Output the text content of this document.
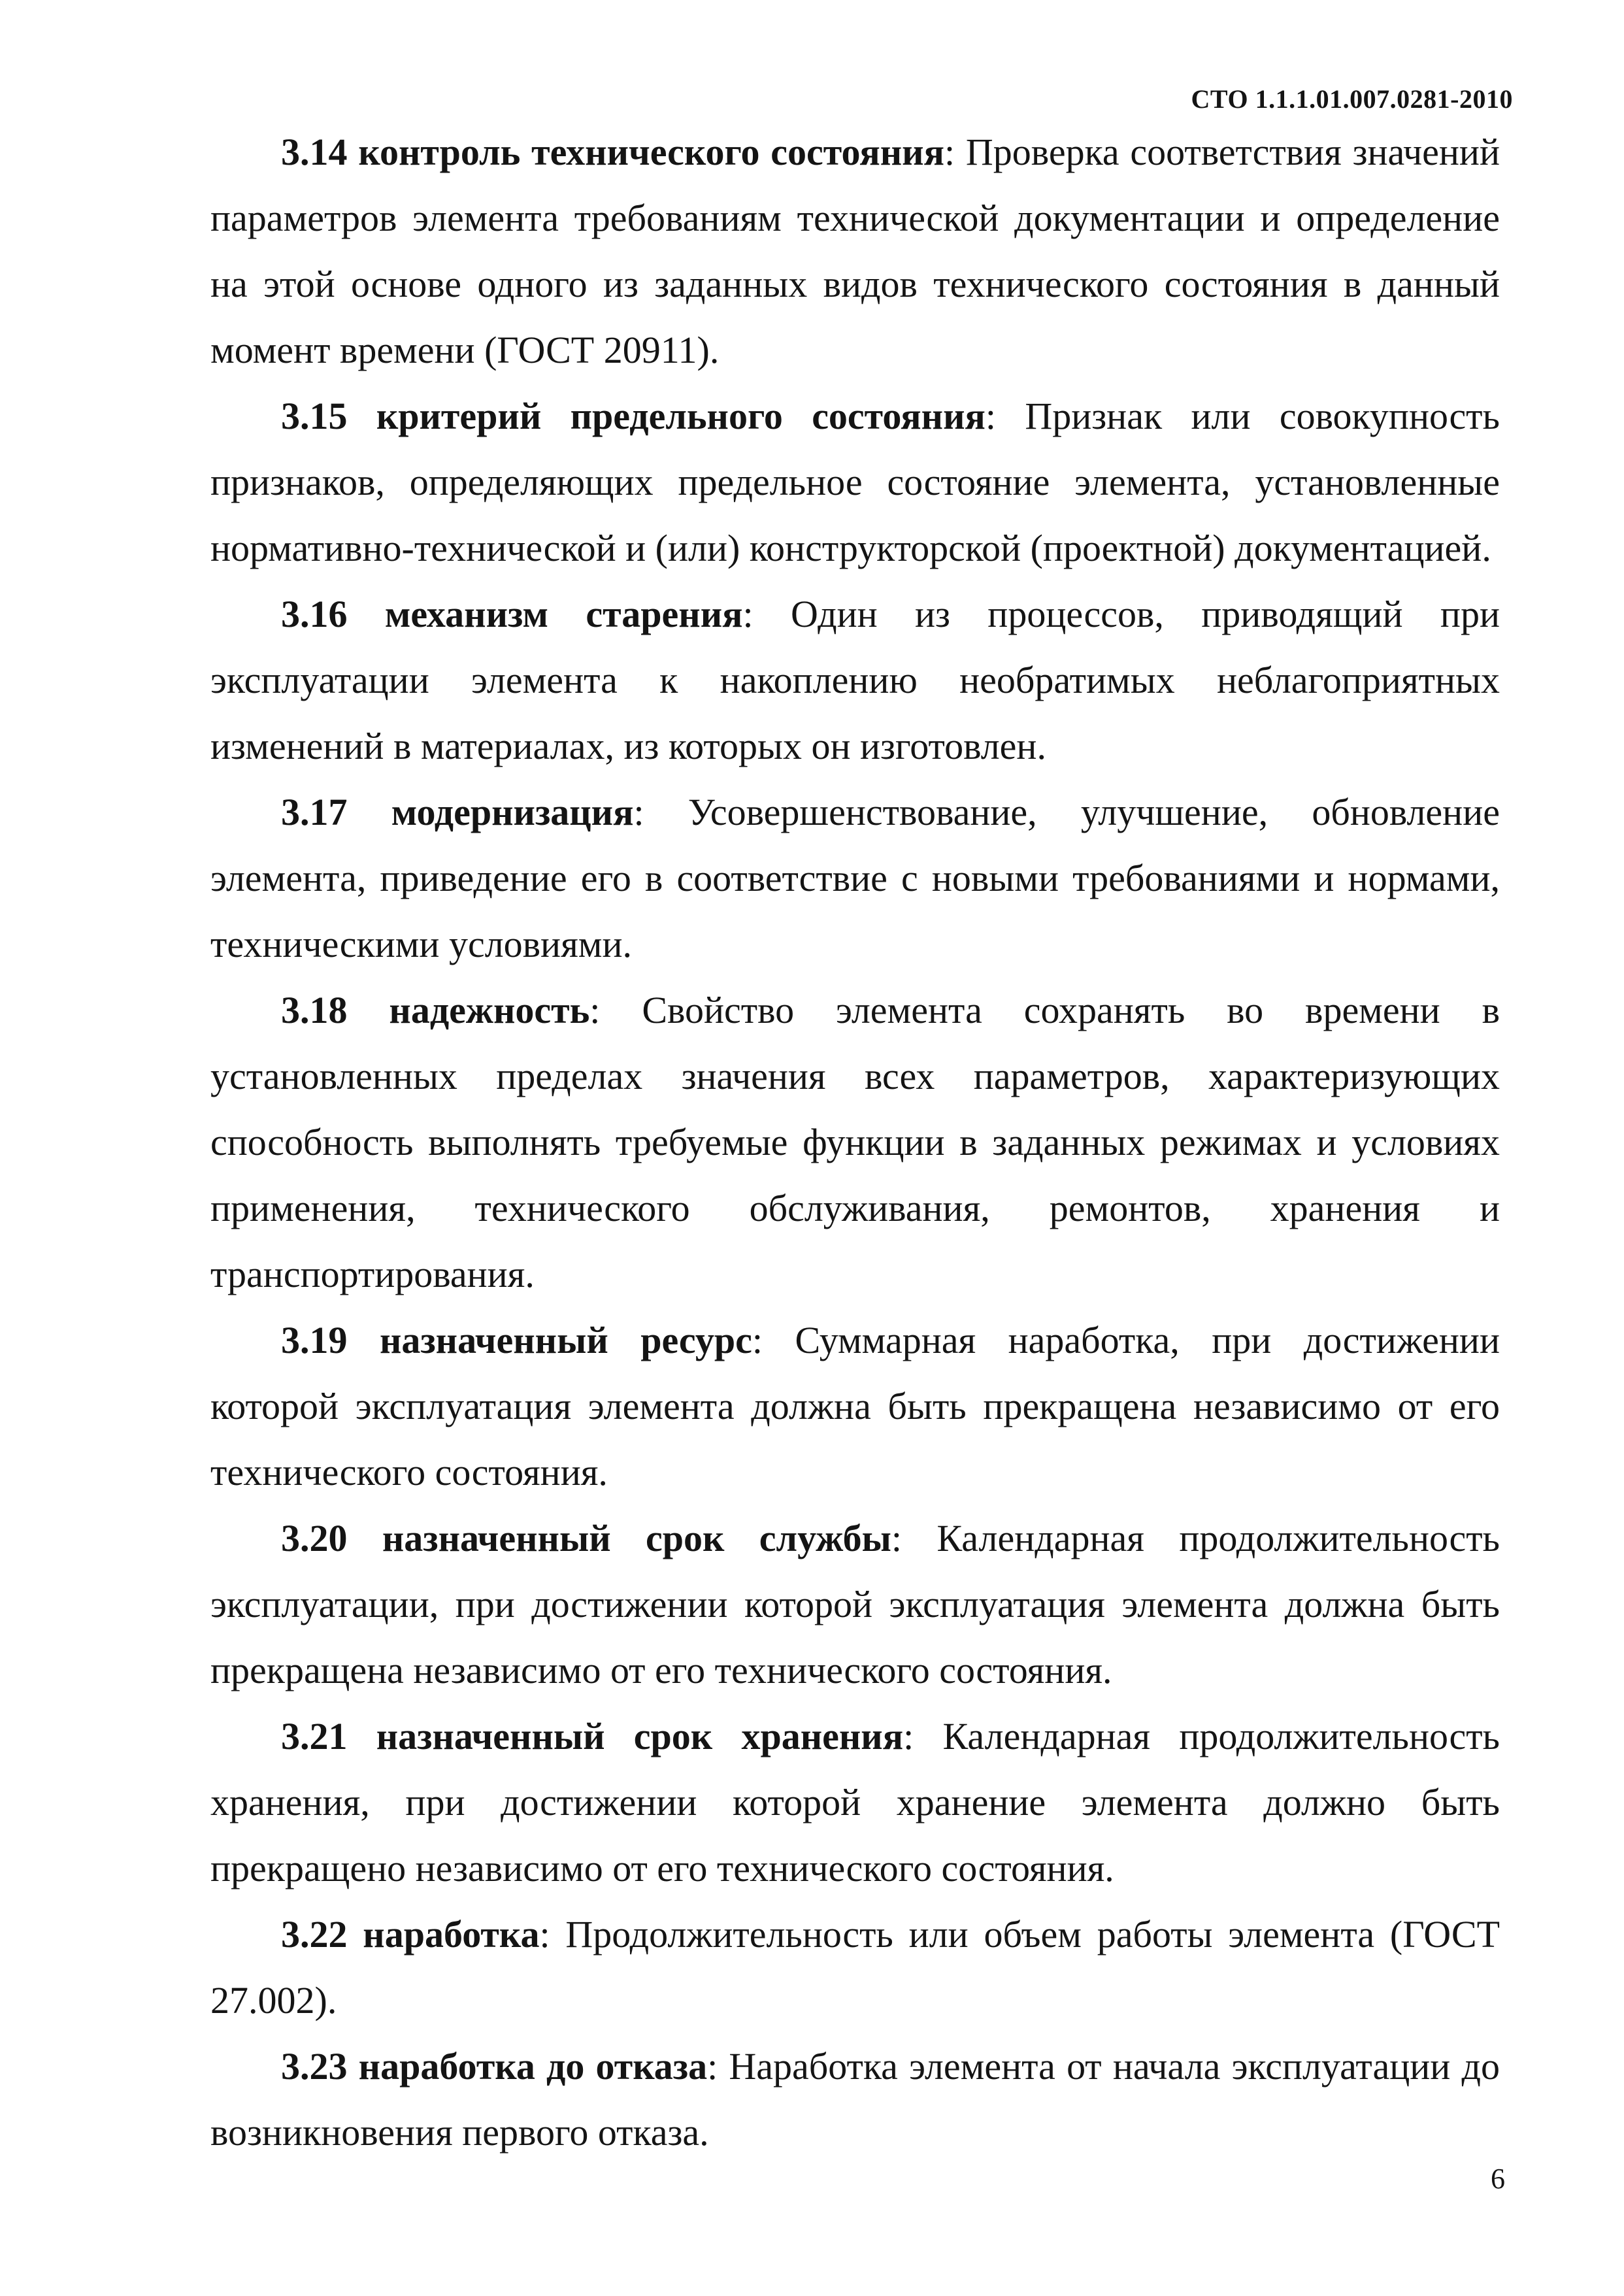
СТО 1.1.1.01.007.0281-2010

3.14 контроль технического состояния: Проверка соответствия значений параметров элемента требованиям технической документации и определение на этой основе одного из заданных видов технического состояния в данный момент времени (ГОСТ 20911).

3.15 критерий предельного состояния: Признак или совокупность признаков, определяющих предельное состояние элемента, установленные нормативно-технической и (или) конструкторской (проектной) документацией.

3.16 механизм старения: Один из процессов, приводящий при эксплуатации элемента к накоплению необратимых неблагоприятных изменений в материалах, из которых он изготовлен.

3.17 модернизация: Усовершенствование, улучшение, обновление элемента, приведение его в соответствие с новыми требованиями и нормами, техническими условиями.

3.18 надежность: Свойство элемента сохранять во времени в установленных пределах значения всех параметров, характеризующих способность выполнять требуемые функции в заданных режимах и условиях применения, технического обслуживания, ремонтов, хранения и транспортирования.

3.19 назначенный ресурс: Суммарная наработка, при достижении которой эксплуатация элемента должна быть прекращена независимо от его технического состояния.

3.20 назначенный срок службы: Календарная продолжительность эксплуатации, при достижении которой эксплуатация элемента должна быть прекращена независимо от его технического состояния.

3.21 назначенный срок хранения: Календарная продолжительность хранения, при достижении которой хранение элемента должно быть прекращено независимо от его технического состояния.

3.22 наработка: Продолжительность или объем работы элемента (ГОСТ 27.002).

3.23 наработка до отказа: Наработка элемента от начала эксплуатации до возникновения первого отказа.

6
